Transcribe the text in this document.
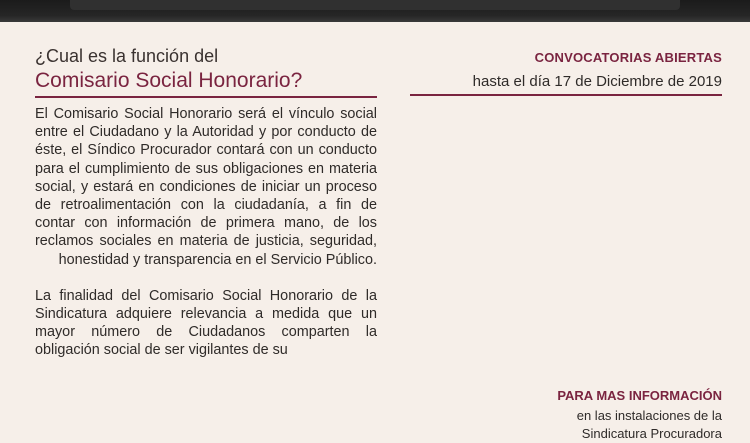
¿Cual es la función del

Comisario Social Honorario?

El Comisario Social Honorario será el vínculo social entre el Ciudadano y la Autoridad y por conducto de éste, el Síndico Procurador contará con un conducto para el cumplimiento de sus obligaciones en materia social, y estará en condiciones de iniciar un proceso de retroalimentación con la ciudadanía, a fin de contar con información de primera mano, de los reclamos sociales en materia de justicia, seguridad, honestidad y transparencia en el Servicio Público.

La finalidad del Comisario Social Honorario de la Sindicatura adquiere relevancia a medida que un mayor número de Ciudadanos comparten la obligación social de ser vigilantes de su

CONVOCATORIAS ABIERTAS

hasta el día 17 de Diciembre de 2019

PARA MAS INFORMACIÓN

en las instalaciones de la

Sindicatura Procuradora
